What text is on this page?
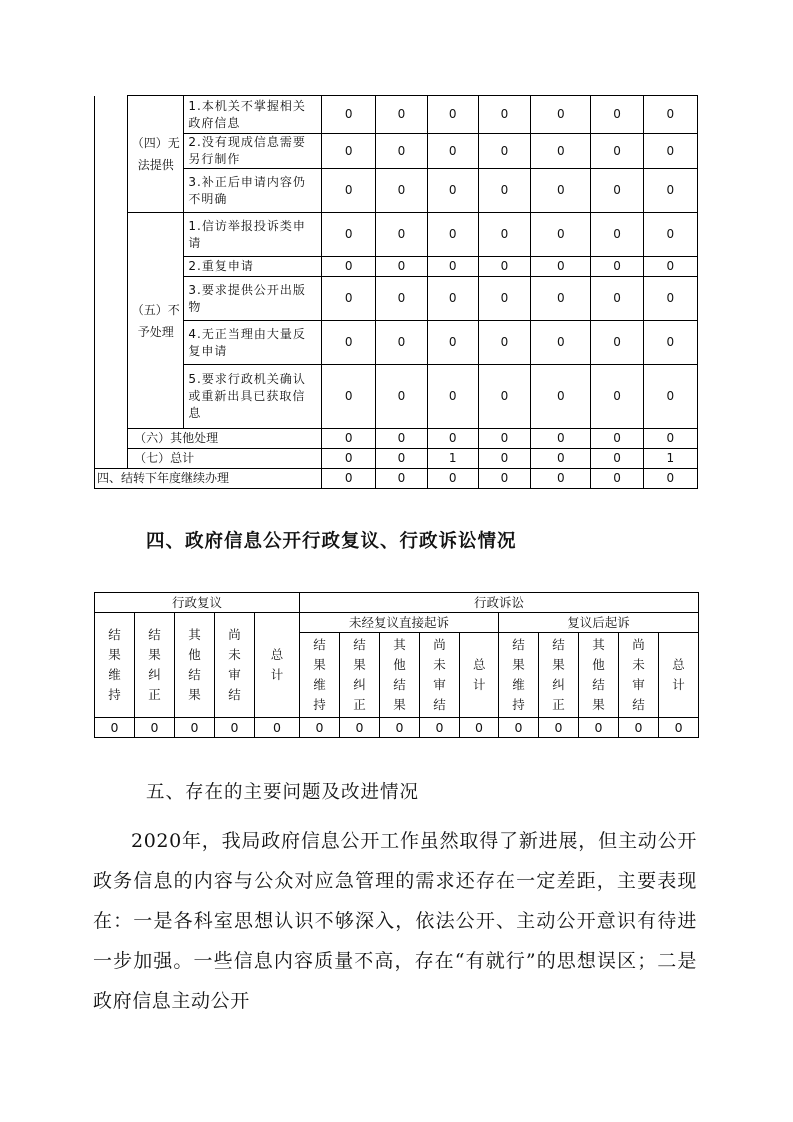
	（四）无法提供	1.本机关不掌握相关政府信息	0	0	0	0	0	0	0
		2.没有现成信息需要另行制作	0	0	0	0	0	0	0
		3.补正后申请内容仍不明确	0	0	0	0	0	0	0
	（五）不予处理	1.信访举报投诉类申请	0	0	0	0	0	0	0
		2.重复申请	0	0	0	0	0	0	0
		3.要求提供公开出版物	0	0	0	0	0	0	0
		4.无正当理由大量反复申请	0	0	0	0	0	0	0
		5.要求行政机关确认或重新出具已获取信息	0	0	0	0	0	0	0
	（六）其他处理		0	0	0	0	0	0	0
	（七）总计		0	0	1	0	0	0	1
四、结转下年度继续办理			0	0	0	0	0	0	0
四、政府信息公开行政复议、行政诉讼情况
行政复议					行政诉讼									
结果维持	结果纠正	其他结果	尚未审结	总计	未经复议直接起诉					复议后起诉				
					结果维持	结果纠正	其他结果	尚未审结	总计	结果维持	结果纠正	其他结果	尚未审结	总计
0	0	0	0	0	0	0	0	0	0	0	0	0	0	0
五、存在的主要问题及改进情况

2020年，我局政府信息公开工作虽然取得了新进展，但主动公开政务信息的内容与公众对应急管理的需求还存在一定差距，主要表现在：一是各科室思想认识不够深入，依法公开、主动公开意识有待进一步加强。一些信息内容质量不高，存在“有就行”的思想误区；二是政府信息主动公开
